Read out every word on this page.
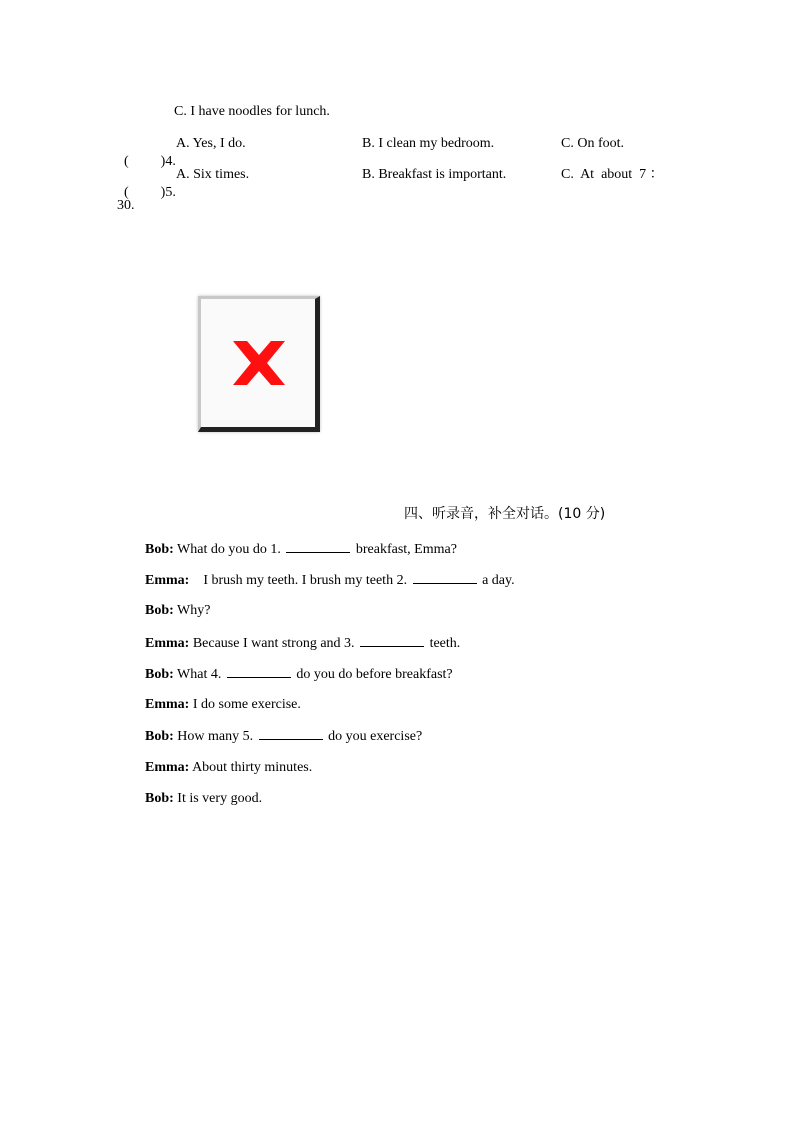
C. I have noodles for lunch.

( )4.

A. Yes, I do.	B. I clean my bedroom.	C. On foot.

( )5.

A. Six times.	B. Breakfast is important.	C.  At  about  7 ：
30.
四、听录音，补全对话。(10 分)
Bob: What do you do 1.	breakfast, Emma?
Emma:    I brush my teeth. I brush my teeth 2.	a day.
Bob: Why?
Emma: Because I want strong and 3.	teeth.
Bob: What 4.	do you do before breakfast?
Emma: I do some exercise.
Bob: How many 5.	do you exercise?
Emma: About thirty minutes.
Bob: It is very good.
